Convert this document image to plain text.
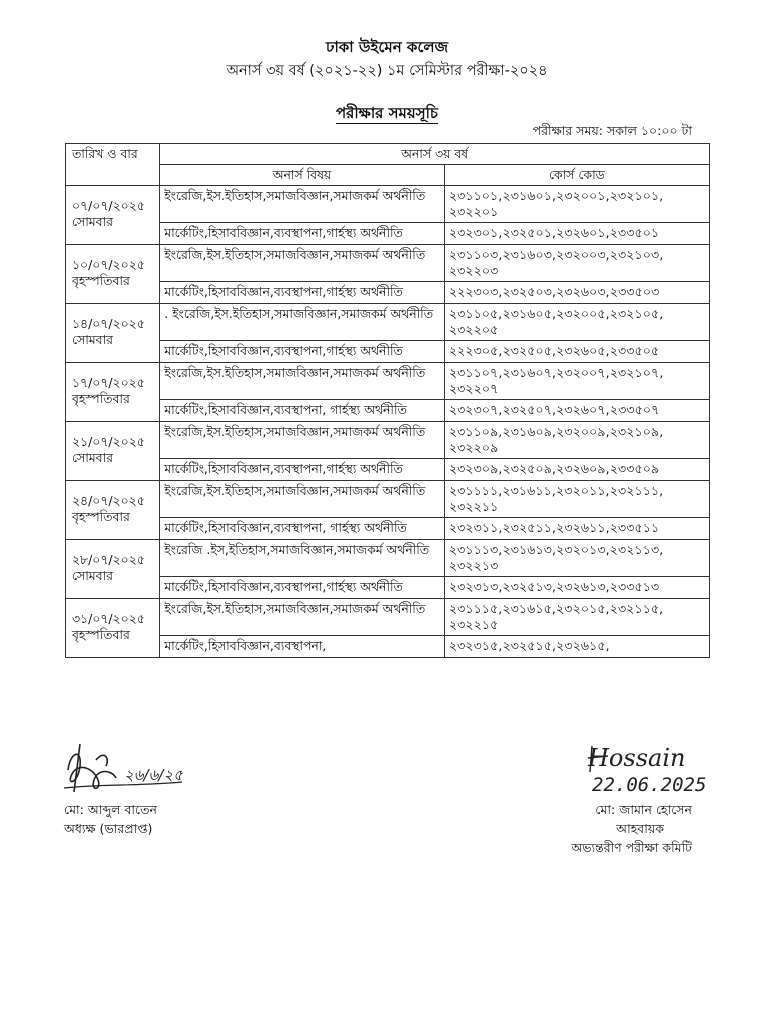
ঢাকা উইমেন কলেজ
অনার্স ৩য় বর্ষ (২০২১-২২) ১ম সেমিস্টার পরীক্ষা-২০২৪
পরীক্ষার সময়সূচি
পরীক্ষার সময়: সকাল ১০:০০ টা
তারিখ ও বার	অনার্স ৩য় বর্ষ	
	অনার্স বিষয়	কোর্স কোড

০৭/০৭/২০২৫
সোমবার	ইংরেজি,ইস.ইতিহাস,সমাজবিজ্ঞান,সমাজকর্ম অর্থনীতি	২৩১১০১,২৩১৬০১,২৩২০০১,২৩২১০১, ২৩২২০১
	মার্কেটিং,হিসাববিজ্ঞান,ব্যবস্থাপনা,গার্হস্থ্য অর্থনীতি	২৩২৩০১,২৩২৫০১,২৩২৬০১,২৩৩৫০১

১০/০৭/২০২৫
বৃহস্পতিবার	ইংরেজি,ইস.ইতিহাস,সমাজবিজ্ঞান,সমাজকর্ম অর্থনীতি	২৩১১০৩,২৩১৬০৩,২৩২০০৩,২৩২১০৩, ২৩২২০৩
	মার্কেটিং,হিসাববিজ্ঞান,ব্যবস্থাপনা,গার্হস্থ্য অর্থনীতি	২২২৩০৩,২৩২৫০৩,২৩২৬০৩,২৩৩৫০৩

১৪/০৭/২০২৫
সোমবার	. ইংরেজি,ইস.ইতিহাস,সমাজবিজ্ঞান,সমাজকর্ম অর্থনীতি	২৩১১০৫,২৩১৬০৫,২৩২০০৫,২৩২১০৫, ২৩২২০৫
	মার্কেটিং,হিসাববিজ্ঞান,ব্যবস্থাপনা,গার্হস্থ্য অর্থনীতি	২২২৩০৫,২৩২৫০৫,২৩২৬০৫,২৩৩৫০৫

১৭/০৭/২০২৫
বৃহস্পতিবার	ইংরেজি,ইস.ইতিহাস,সমাজবিজ্ঞান,সমাজকর্ম অর্থনীতি	২৩১১০৭,২৩১৬০৭,২৩২০০৭,২৩২১০৭, ২৩২২০৭
	মার্কেটিং,হিসাববিজ্ঞান,ব্যবস্থাপনা, গার্হস্থ্য অর্থনীতি	২৩২৩০৭,২৩২৫০৭,২৩২৬০৭,২৩৩৫০৭

২১/০৭/২০২৫
সোমবার	ইংরেজি,ইস.ইতিহাস,সমাজবিজ্ঞান,সমাজকর্ম অর্থনীতি	২৩১১০৯,২৩১৬০৯,২৩২০০৯,২৩২১০৯, ২৩২২০৯
	মার্কেটিং,হিসাববিজ্ঞান,ব্যবস্থাপনা,গার্হস্থ্য অর্থনীতি	২৩২৩০৯,২৩২৫০৯,২৩২৬০৯,২৩৩৫০৯

২৪/০৭/২০২৫
বৃহস্পতিবার	ইংরেজি,ইস.ইতিহাস,সমাজবিজ্ঞান,সমাজকর্ম অর্থনীতি	২৩১১১১,২৩১৬১১,২৩২০১১,২৩২১১১, ২৩২২১১
	মার্কেটিং,হিসাববিজ্ঞান,ব্যবস্থাপনা, গার্হস্থ্য অর্থনীতি	২৩২৩১১,২৩২৫১১,২৩২৬১১,২৩৩৫১১

২৮/০৭/২০২৫
সোমবার	ইংরেজি .ইস,ইতিহাস,সমাজবিজ্ঞান,সমাজকর্ম অর্থনীতি	২৩১১১৩,২৩১৬১৩,২৩২০১৩,২৩২১১৩, ২৩২২১৩
	মার্কেটিং,হিসাববিজ্ঞান,ব্যবস্থাপনা,গার্হস্থ্য অর্থনীতি	২৩২৩১৩,২৩২৫১৩,২৩২৬১৩,২৩৩৫১৩

৩১/০৭/২০২৫
বৃহস্পতিবার	ইংরেজি,ইস.ইতিহাস,সমাজবিজ্ঞান,সমাজকর্ম অর্থনীতি	২৩১১১৫,২৩১৬১৫,২৩২০১৫,২৩২১১৫, ২৩২২১৫
	মার্কেটিং,হিসাববিজ্ঞান,ব্যবস্থাপনা,	২৩২৩১৫,২৩২৫১৫,২৩২৬১৫,
২৬/৬/২৫
মো: আব্দুল বাতেন
অধ্যক্ষ (ভারপ্রাপ্ত)
Hossain
22.06.2025
মো: জামান হোসেন
আহবায়ক
অভ্যন্তরীণ পরীক্ষা কমিটি
